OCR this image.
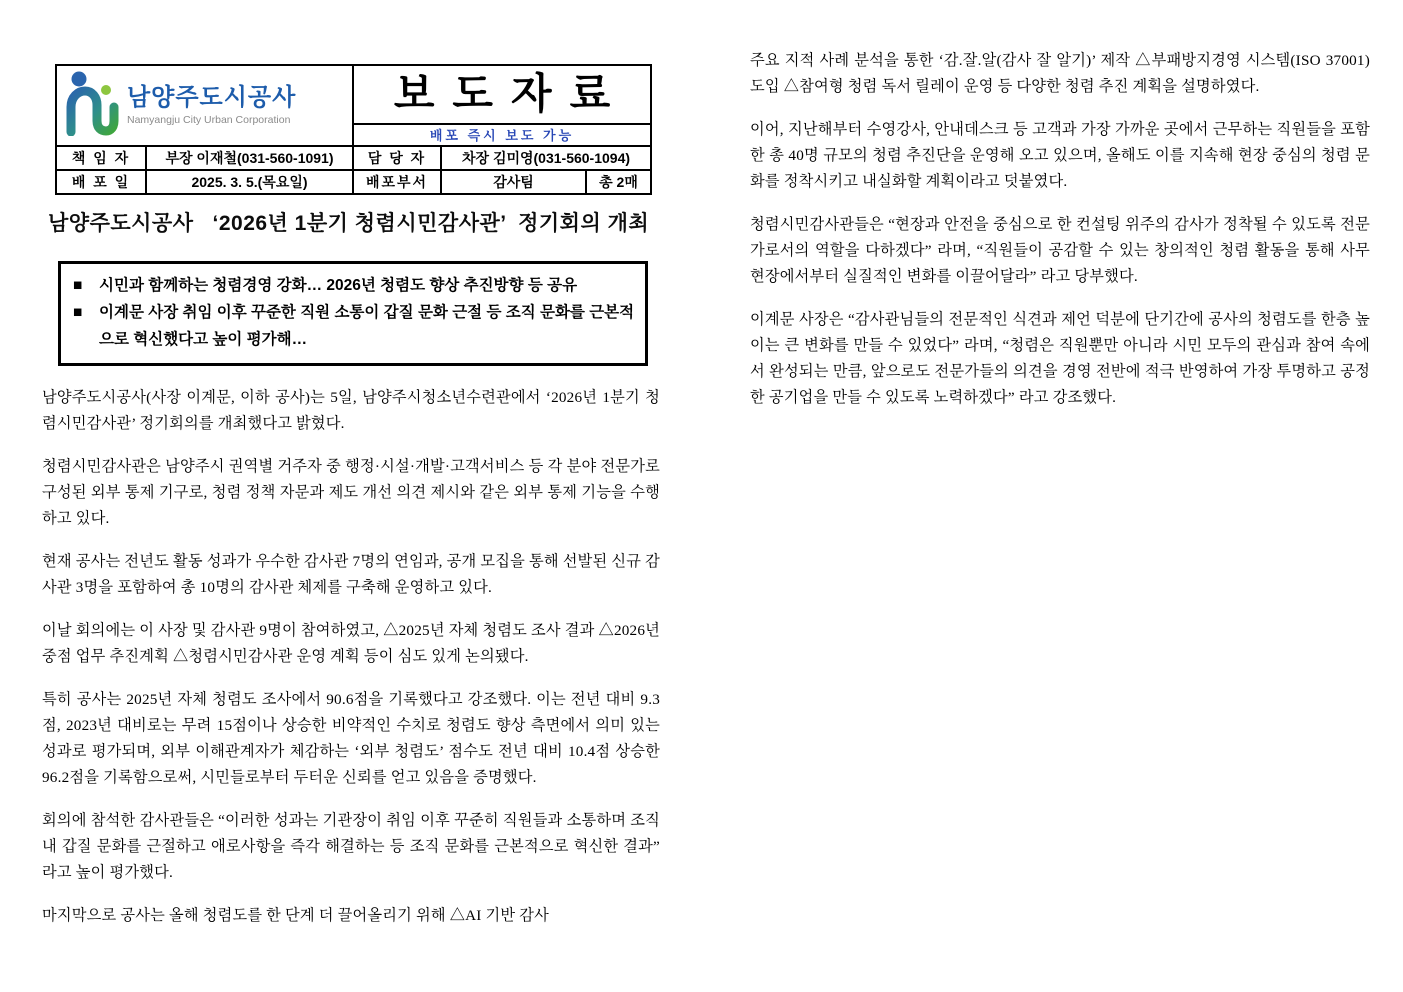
남양주도시공사
Namyangju City Urban Corporation		보도자료		
		배포 즉시 보도 가능		
책 임 자	부장 이재철(031-560-1091)	담 당 자	차장 김미영(031-560-1094)	
배 포 일	2025. 3. 5.(목요일)	배포부서	감사팀	총 2매
남양주도시공사   ‘2026년 1분기 청렴시민감사관’  정기회의 개최
■ 시민과 함께하는 청렴경영 강화… 2026년 청렴도 향상 추진방향 등 공유
■ 이계문 사장 취임 이후 꾸준한 직원 소통이 갑질 문화 근절 등 조직 문화를 근본적으로 혁신했다고 높이 평가해…

남양주도시공사(사장 이계문, 이하 공사)는 5일, 남양주시청소년수련관에서 ‘2026년 1분기 청렴시민감사관’ 정기회의를 개최했다고 밝혔다.

청렴시민감사관은 남양주시 권역별 거주자 중 행정·시설·개발·고객서비스 등 각 분야 전문가로 구성된 외부 통제 기구로, 청렴 정책 자문과 제도 개선 의견 제시와 같은 외부 통제 기능을 수행하고 있다.

현재 공사는 전년도 활동 성과가 우수한 감사관 7명의 연임과, 공개 모집을 통해 선발된 신규 감사관 3명을 포함하여 총 10명의 감사관 체제를 구축해 운영하고 있다.

이날 회의에는 이 사장 및 감사관 9명이 참여하였고, △2025년 자체 청렴도 조사 결과 △2026년 중점 업무 추진계획 △청렴시민감사관 운영 계획 등이 심도 있게 논의됐다.

특히 공사는 2025년 자체 청렴도 조사에서 90.6점을 기록했다고 강조했다. 이는 전년 대비 9.3점, 2023년 대비로는 무려 15점이나 상승한 비약적인 수치로 청렴도 향상 측면에서 의미 있는 성과로 평가되며, 외부 이해관계자가 체감하는 ‘외부 청렴도’ 점수도 전년 대비 10.4점 상승한 96.2점을 기록함으로써, 시민들로부터 두터운 신뢰를 얻고 있음을 증명했다.

회의에 참석한 감사관들은 “이러한 성과는 기관장이 취임 이후 꾸준히 직원들과 소통하며 조직 내 갑질 문화를 근절하고 애로사항을 즉각 해결하는 등 조직 문화를 근본적으로 혁신한 결과” 라고 높이 평가했다.

마지막으로 공사는 올해 청렴도를 한 단계 더 끌어올리기 위해 △AI 기반 감사

주요 지적 사례 분석을 통한 ‘감.잘.알(감사 잘 알기)’ 제작 △부패방지경영 시스템(ISO 37001) 도입 △참여형 청렴 독서 릴레이 운영 등 다양한 청렴 추진 계획을 설명하였다.

이어, 지난해부터 수영강사, 안내데스크 등 고객과 가장 가까운 곳에서 근무하는 직원들을 포함한 총 40명 규모의 청렴 추진단을 운영해 오고 있으며, 올해도 이를 지속해 현장 중심의 청렴 문화를 정착시키고 내실화할 계획이라고 덧붙였다.

청렴시민감사관들은 “현장과 안전을 중심으로 한 컨설팅 위주의 감사가 정착될 수 있도록 전문가로서의 역할을 다하겠다” 라며, “직원들이 공감할 수 있는 창의적인 청렴 활동을 통해 사무 현장에서부터 실질적인 변화를 이끌어달라” 라고 당부했다.

이계문 사장은 “감사관님들의 전문적인 식견과 제언 덕분에 단기간에 공사의 청렴도를 한층 높이는 큰 변화를 만들 수 있었다” 라며, “청렴은 직원뿐만 아니라 시민 모두의 관심과 참여 속에서 완성되는 만큼, 앞으로도 전문가들의 의견을 경영 전반에 적극 반영하여 가장 투명하고 공정한 공기업을 만들 수 있도록 노력하겠다” 라고 강조했다.
